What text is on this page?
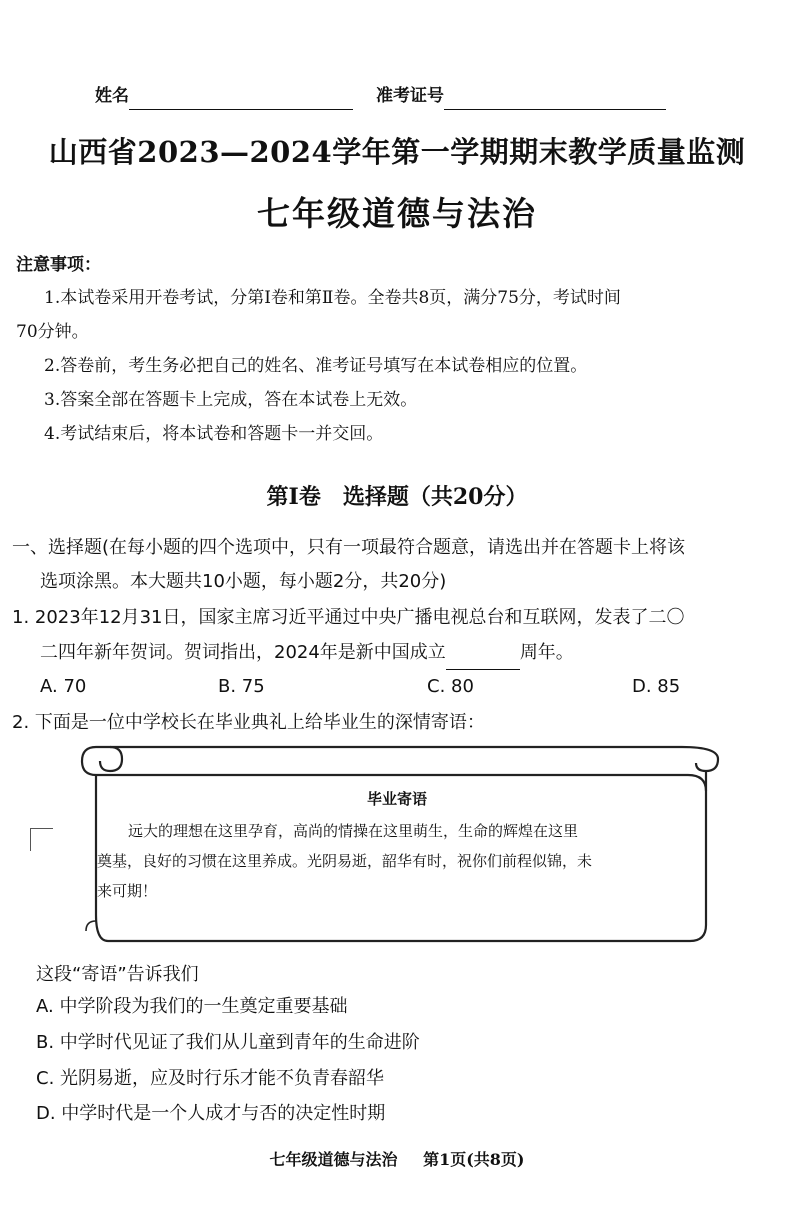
姓名	准考证号
山西省2023—2024学年第一学期期末教学质量监测
七年级道德与法治
注意事项：
1.本试卷采用开卷考试，分第Ⅰ卷和第Ⅱ卷。全卷共8页，满分75分，考试时间
70分钟。
2.答卷前，考生务必把自己的姓名、准考证号填写在本试卷相应的位置。
3.答案全部在答题卡上完成，答在本试卷上无效。
4.考试结束后，将本试卷和答题卡一并交回。
第Ⅰ卷　选择题（共20分）
一、选择题(在每小题的四个选项中，只有一项最符合题意，请选出并在答题卡上将该
选项涂黑。本大题共10小题，每小题2分，共20分)
1. 2023年12月31日，国家主席习近平通过中央广播电视总台和互联网，发表了二〇
二四年新年贺词。贺词指出，2024年是新中国成立	周年。
A. 70	B. 75	C. 80	D. 85
2. 下面是一位中学校长在毕业典礼上给毕业生的深情寄语：
毕业寄语
远大的理想在这里孕育，高尚的情操在这里萌生，生命的辉煌在这里
奠基，良好的习惯在这里养成。光阴易逝，韶华有时，祝你们前程似锦，未
来可期！
这段“寄语”告诉我们
A. 中学阶段为我们的一生奠定重要基础
B. 中学时代见证了我们从儿童到青年的生命进阶
C. 光阴易逝，应及时行乐才能不负青春韶华
D. 中学时代是一个人成才与否的决定性时期
七年级道德与法治 第1页(共8页)
